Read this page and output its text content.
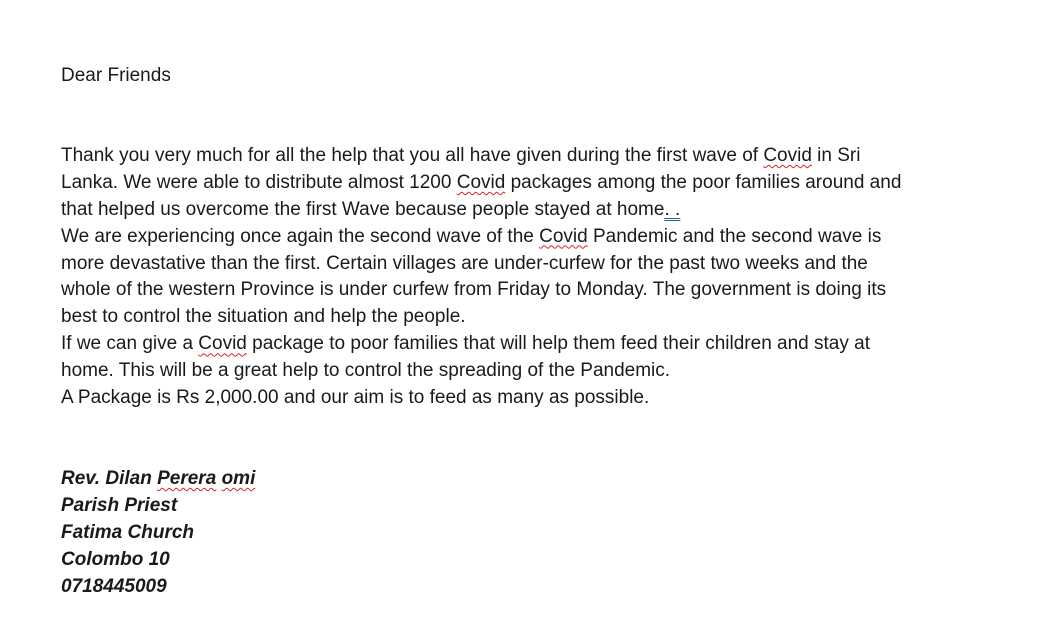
Dear Friends
Thank you very much for all the help that you all have given during the first wave of Covid in Sri
Lanka. We were able to distribute almost 1200 Covid packages among the poor families around and
that helped us overcome the first Wave because people stayed at home. .
We are experiencing once again the second wave of the Covid Pandemic and the second wave is
more devastative than the first. Certain villages are under-curfew for the past two weeks and the
whole of the western Province is under curfew from Friday to Monday. The government is doing its
best to control the situation and help the people.
If we can give a Covid package to poor families that will help them feed their children and stay at
home. This will be a great help to control the spreading of the Pandemic.
A Package is Rs 2,000.00 and our aim is to feed as many as possible.
Rev. Dilan Perera omi
Parish Priest
Fatima Church
Colombo 10
0718445009
